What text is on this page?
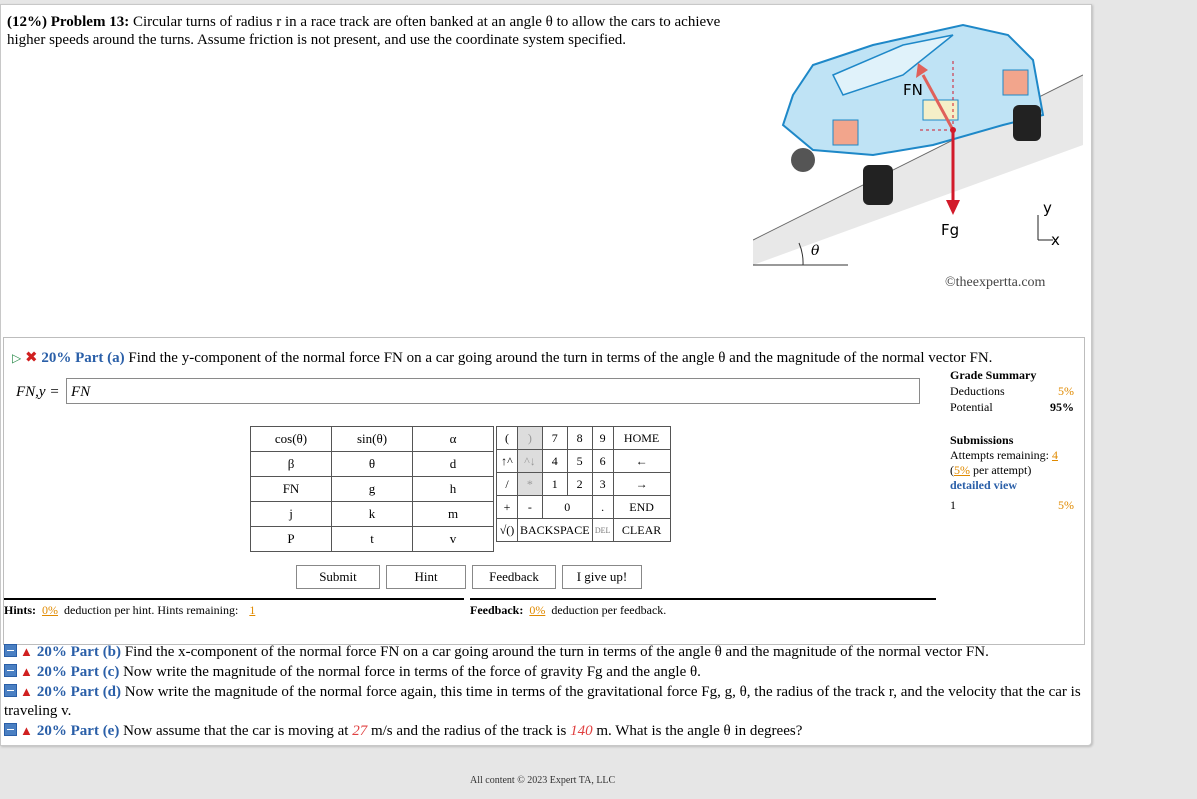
(12%) Problem 13: Circular turns of radius r in a race track are often banked at an angle θ to allow the cars to achieve higher speeds around the turns. Assume friction is not present, and use the coordinate system specified.
θ
FN
Fg
y
x
©theexpertta.com
▷ ✖ 20% Part (a) Find the y-component of the normal force FN on a car going around the turn in terms of the angle θ and the magnitude of the normal vector FN.
FN,y = FN
Grade Summary
Deductions	5%
Potential	95%
Submissions
Attempts remaining: 4
(5% per attempt)
detailed view
1	5%
cos(θ)	sin(θ)	α
β	θ	d
FN	g	h
j	k	m
P	t	v
(	)	7	8	9	HOME
↑^	^↓	4	5	6	←
/	*	1	2	3	→
+	-	0		.	END
√()	BACKSPACE			DEL	CLEAR
Submit	Hint	Feedback	I give up!
Hints: 0% deduction per hint. Hints remaining: 1	Feedback: 0% deduction per feedback.
▲ 20% Part (b) Find the x-component of the normal force FN on a car going around the turn in terms of the angle θ and the magnitude of the normal vector FN.
▲ 20% Part (c) Now write the magnitude of the normal force in terms of the force of gravity Fg and the angle θ.
▲ 20% Part (d) Now write the magnitude of the normal force again, this time in terms of the gravitational force Fg, g, θ, the radius of the track r, and the velocity that the car is traveling v.
▲ 20% Part (e) Now assume that the car is moving at 27 m/s and the radius of the track is 140 m. What is the angle θ in degrees?
All content © 2023 Expert TA, LLC
